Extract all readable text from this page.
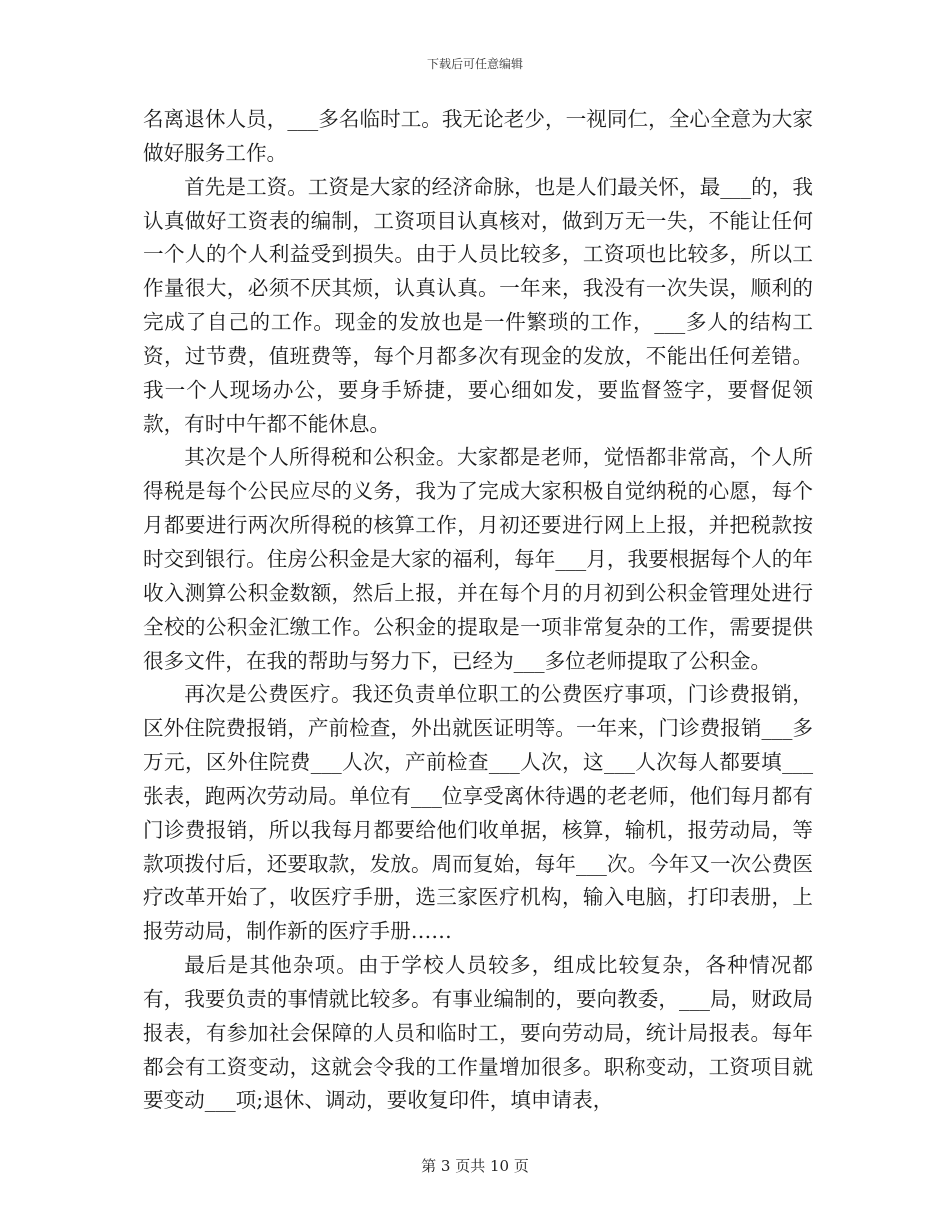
下载后可任意编辑

名离退休人员，___多名临时工。我无论老少，一视同仁，全心全意为大家做好服务工作。

首先是工资。工资是大家的经济命脉，也是人们最关怀，最___的，我认真做好工资表的编制，工资项目认真核对，做到万无一失，不能让任何一个人的个人利益受到损失。由于人员比较多，工资项也比较多，所以工作量很大，必须不厌其烦，认真认真。一年来，我没有一次失误，顺利的完成了自己的工作。现金的发放也是一件繁琐的工作，___多人的结构工资，过节费，值班费等，每个月都多次有现金的发放，不能出任何差错。我一个人现场办公，要身手矫捷，要心细如发，要监督签字，要督促领款，有时中午都不能休息。

其次是个人所得税和公积金。大家都是老师，觉悟都非常高，个人所得税是每个公民应尽的义务，我为了完成大家积极自觉纳税的心愿，每个月都要进行两次所得税的核算工作，月初还要进行网上上报，并把税款按时交到银行。住房公积金是大家的福利，每年___月，我要根据每个人的年收入测算公积金数额，然后上报，并在每个月的月初到公积金管理处进行全校的公积金汇缴工作。公积金的提取是一项非常复杂的工作，需要提供很多文件，在我的帮助与努力下，已经为___多位老师提取了公积金。

再次是公费医疗。我还负责单位职工的公费医疗事项，门诊费报销，区外住院费报销，产前检查，外出就医证明等。一年来，门诊费报销___多万元，区外住院费___人次，产前检查___人次，这___人次每人都要填___张表，跑两次劳动局。单位有___位享受离休待遇的老老师，他们每月都有门诊费报销，所以我每月都要给他们收单据，核算，输机，报劳动局，等款项拨付后，还要取款，发放。周而复始，每年___次。今年又一次公费医疗改革开始了，收医疗手册，选三家医疗机构，输入电脑，打印表册，上报劳动局，制作新的医疗手册……

最后是其他杂项。由于学校人员较多，组成比较复杂，各种情况都有，我要负责的事情就比较多。有事业编制的，要向教委，___局，财政局报表，有参加社会保障的人员和临时工，要向劳动局，统计局报表。每年都会有工资变动，这就会令我的工作量增加很多。职称变动，工资项目就要变动___项;退休、调动，要收复印件，填申请表，

第 3 页共 10 页
